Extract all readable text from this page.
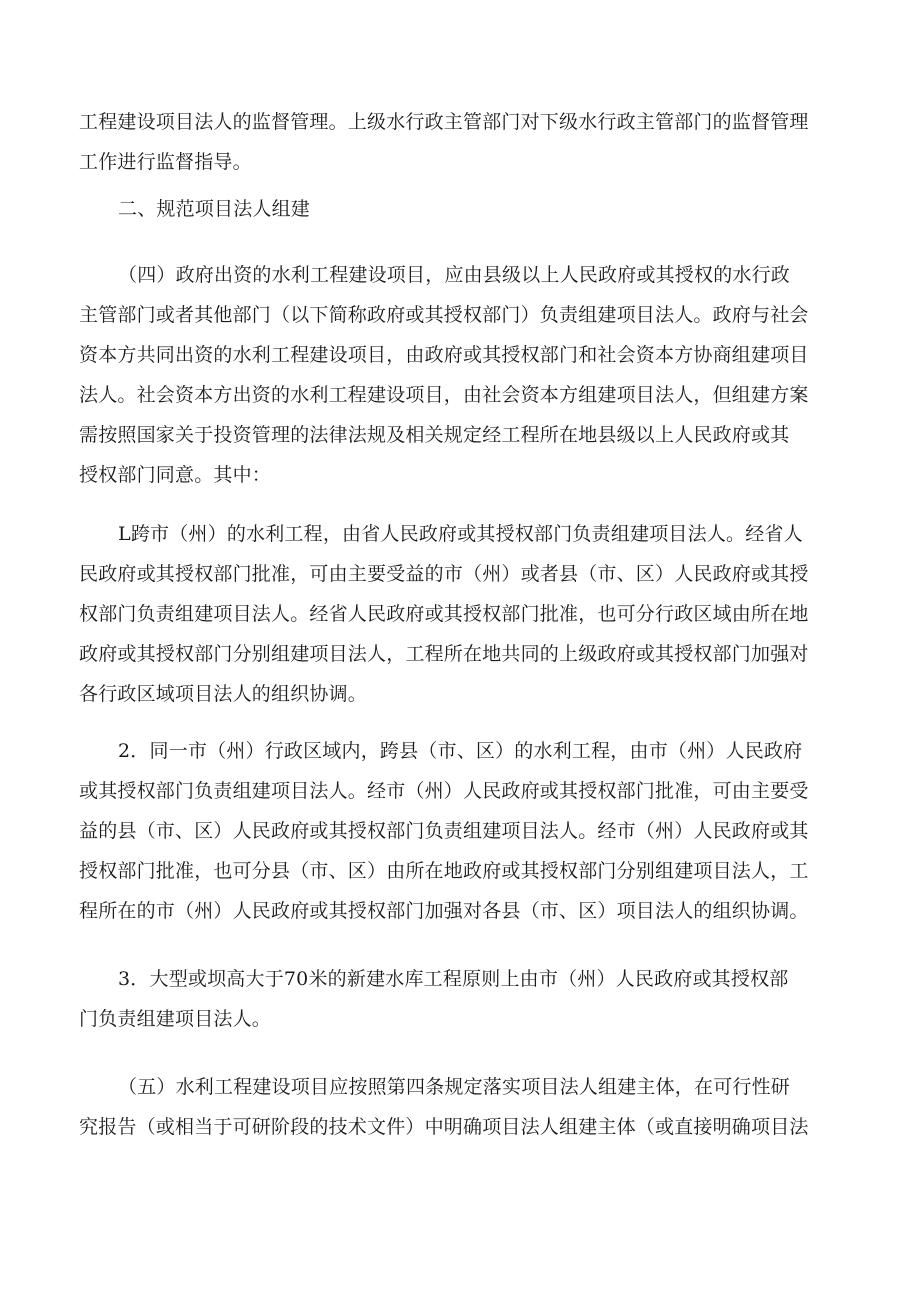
工程建设项目法人的监督管理。上级水行政主管部门对下级水行政主管部门的监督管理

工作进行监督指导。

二、规范项目法人组建

（四）政府出资的水利工程建设项目，应由县级以上人民政府或其授权的水行政

主管部门或者其他部门（以下简称政府或其授权部门）负责组建项目法人。政府与社会

资本方共同出资的水利工程建设项目，由政府或其授权部门和社会资本方协商组建项目

法人。社会资本方出资的水利工程建设项目，由社会资本方组建项目法人，但组建方案

需按照国家关于投资管理的法律法规及相关规定经工程所在地县级以上人民政府或其

授权部门同意。其中：

L跨市（州）的水利工程，由省人民政府或其授权部门负责组建项目法人。经省人

民政府或其授权部门批准，可由主要受益的市（州）或者县（市、区）人民政府或其授

权部门负责组建项目法人。经省人民政府或其授权部门批准，也可分行政区域由所在地

政府或其授权部门分别组建项目法人，工程所在地共同的上级政府或其授权部门加强对

各行政区域项目法人的组织协调。

2．同一市（州）行政区域内，跨县（市、区）的水利工程，由市（州）人民政府

或其授权部门负责组建项目法人。经市（州）人民政府或其授权部门批准，可由主要受

益的县（市、区）人民政府或其授权部门负责组建项目法人。经市（州）人民政府或其

授权部门批准，也可分县（市、区）由所在地政府或其授权部门分别组建项目法人，工

程所在的市（州）人民政府或其授权部门加强对各县（市、区）项目法人的组织协调。

3．大型或坝高大于70米的新建水库工程原则上由市（州）人民政府或其授权部

门负责组建项目法人。

（五）水利工程建设项目应按照第四条规定落实项目法人组建主体，在可行性研

究报告（或相当于可研阶段的技术文件）中明确项目法人组建主体（或直接明确项目法
